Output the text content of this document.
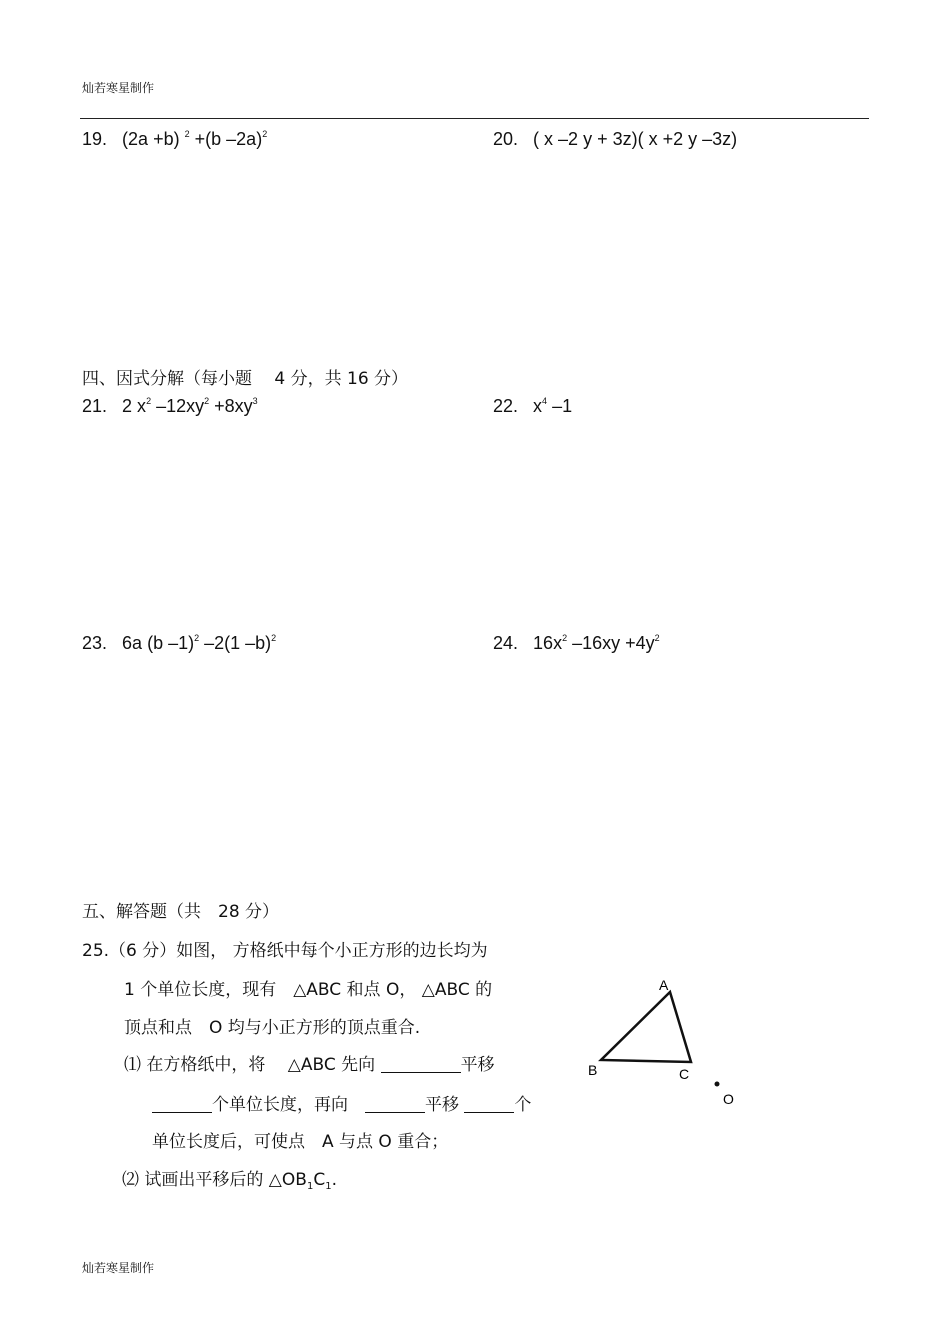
灿若寒星制作
19. (2a +b) $^2$ +(b –2a)$^2$	20. ( x –2 y + 3z)( x +2 y –3z)
四、因式分解（每小题　 4 分，共 16 分）
21. 2 $x^2$ $-12xy^2 +8xy^3$	22. $x^4$ –1
23. 6a (b –1)$^2$ –2(1 –b)$^2$	24. $16x^2$ $-16xy +4y^2$
五、解答题（共　28 分）
25.（6 分）如图， 方格纸中每个小正方形的边长均为
1 个单位长度，现有　△ABC 和点 O， △ABC 的
顶点和点　O 均与小正方形的顶点重合.
⑴ 在方格纸中，将　 △ABC 先向	平移
个单位长度，再向　	平移	个
单位长度后，可使点　A 与点 O 重合；
⑵ 试画出平移后的 $\triangle OB_1C_1$.
A
B	C
O
灿若寒星制作
